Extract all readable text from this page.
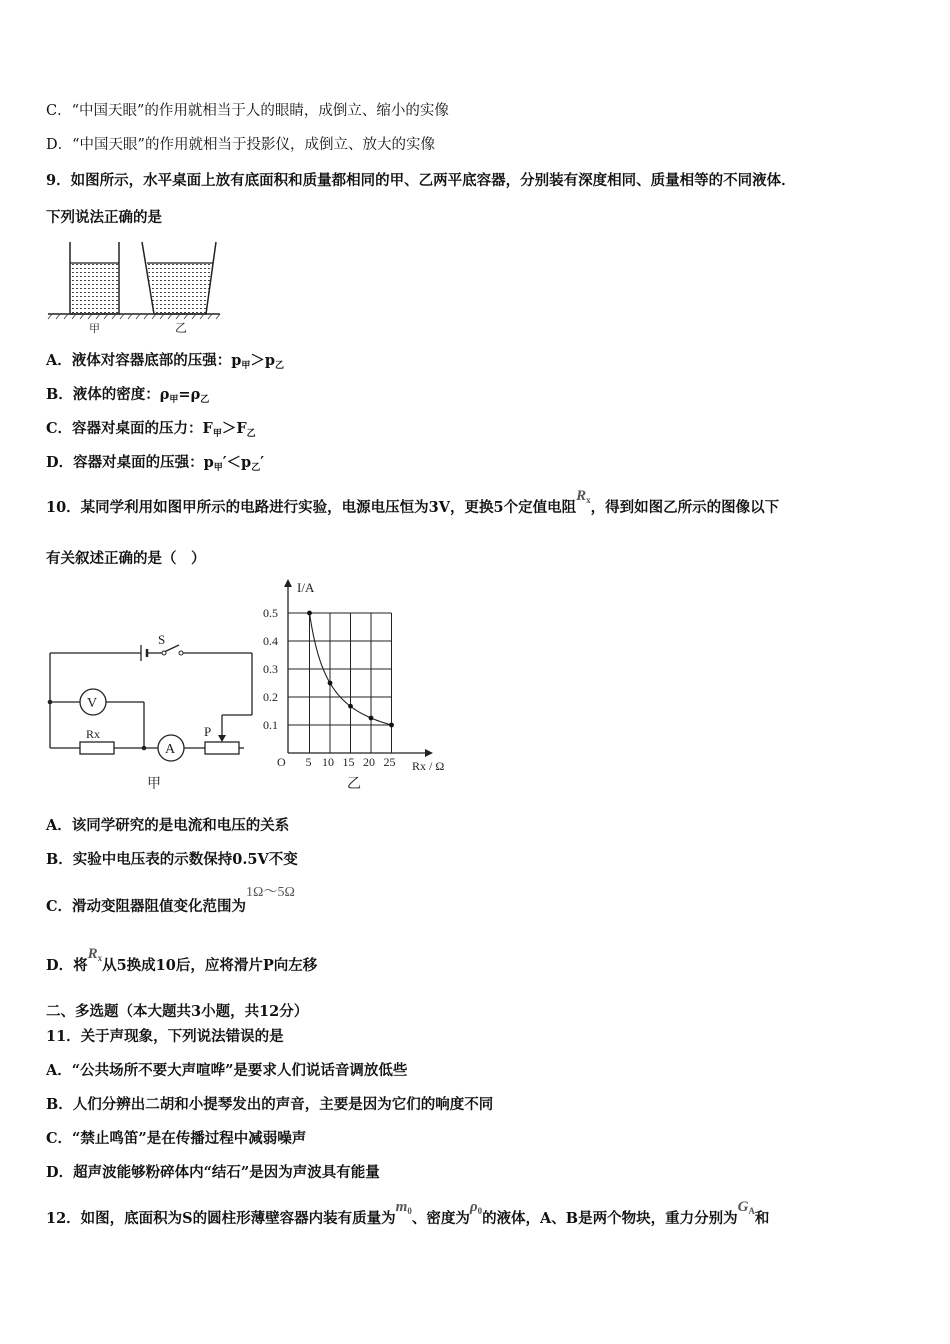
C．“中国天眼”的作用就相当于人的眼睛，成倒立、缩小的实像
D．“中国天眼”的作用就相当于投影仪，成倒立、放大的实像
9．如图所示，水平桌面上放有底面积和质量都相同的甲、乙两平底容器，分别装有深度相同、质量相等的不同液体．
下列说法正确的是
甲	乙
A．液体对容器底部的压强：$p_甲>p_乙$
B．液体的密度：$\rho_甲=\rho_乙$
C．容器对桌面的压力：$F_甲>F_乙$
D．容器对桌面的压强：$p_甲'<p_乙'$
10．某同学利用如图甲所示的电路进行实验，电源电压恒为3V，更换5个定值电阻$R_x$，得到如图乙所示的图像以下
有关叙述正确的是（　）
V
Rx
A
P
S
甲
I/A
Rx / Ω
O
乙
5 10 15 20 25
0.1
0.2
0.3
0.4
0.5
A．该同学研究的是电流和电压的关系
B．实验中电压表的示数保持0.5V不变
C．滑动变阻器阻值变化范围为1Ω～5Ω
D．将$R_x$从5换成10后，应将滑片P向左移
二、多选题（本大题共3小题，共12分）
11．关于声现象，下列说法错误的是
A．“公共场所不要大声喧哗”是要求人们说话音调放低些
B．人们分辨出二胡和小提琴发出的声音，主要是因为它们的响度不同
C．“禁止鸣笛”是在传播过程中减弱噪声
D．超声波能够粉碎体内“结石”是因为声波具有能量
12．如图，底面积为S的圆柱形薄壁容器内装有质量为$m_0$、密度为$\rho_0$的液体，A、B是两个物块，重力分别为$G_A$和
